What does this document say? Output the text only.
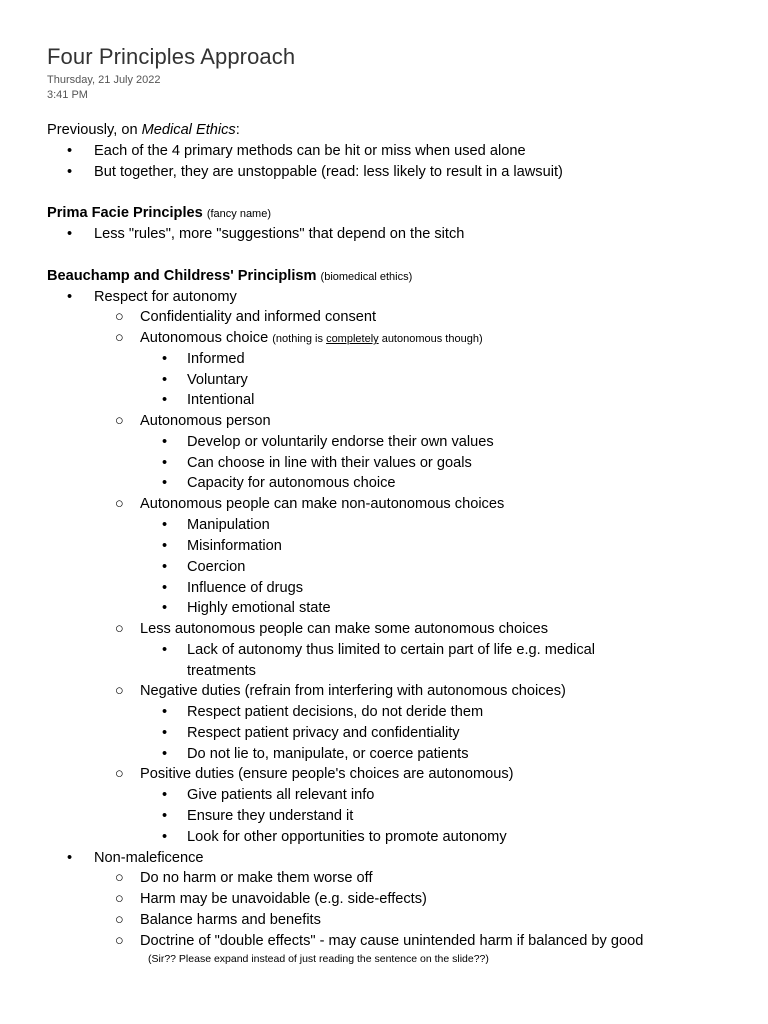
Four Principles Approach
Thursday, 21 July 2022
3:41 PM
Previously, on Medical Ethics:
• Each of the 4 primary methods can be hit or miss when used alone
• But together, they are unstoppable (read: less likely to result in a lawsuit)
Prima Facie Principles (fancy name)
• Less "rules", more "suggestions" that depend on the sitch
Beauchamp and Childress' Principlism (biomedical ethics)
• Respect for autonomy
○ Confidentiality and informed consent
○ Autonomous choice (nothing is completely autonomous though)
• Informed
• Voluntary
• Intentional
○ Autonomous person
• Develop or voluntarily endorse their own values
• Can choose in line with their values or goals
• Capacity for autonomous choice
○ Autonomous people can make non-autonomous choices
• Manipulation
• Misinformation
• Coercion
• Influence of drugs
• Highly emotional state
○ Less autonomous people can make some autonomous choices
• Lack of autonomy thus limited to certain part of life e.g. medical
treatments
○ Negative duties (refrain from interfering with autonomous choices)
• Respect patient decisions, do not deride them
• Respect patient privacy and confidentiality
• Do not lie to, manipulate, or coerce patients
○ Positive duties (ensure people's choices are autonomous)
• Give patients all relevant info
• Ensure they understand it
• Look for other opportunities to promote autonomy
• Non-maleficence
○ Do no harm or make them worse off
○ Harm may be unavoidable (e.g. side-effects)
○ Balance harms and benefits
○ Doctrine of "double effects" - may cause unintended harm if balanced by good
(Sir?? Please expand instead of just reading the sentence on the slide??)
